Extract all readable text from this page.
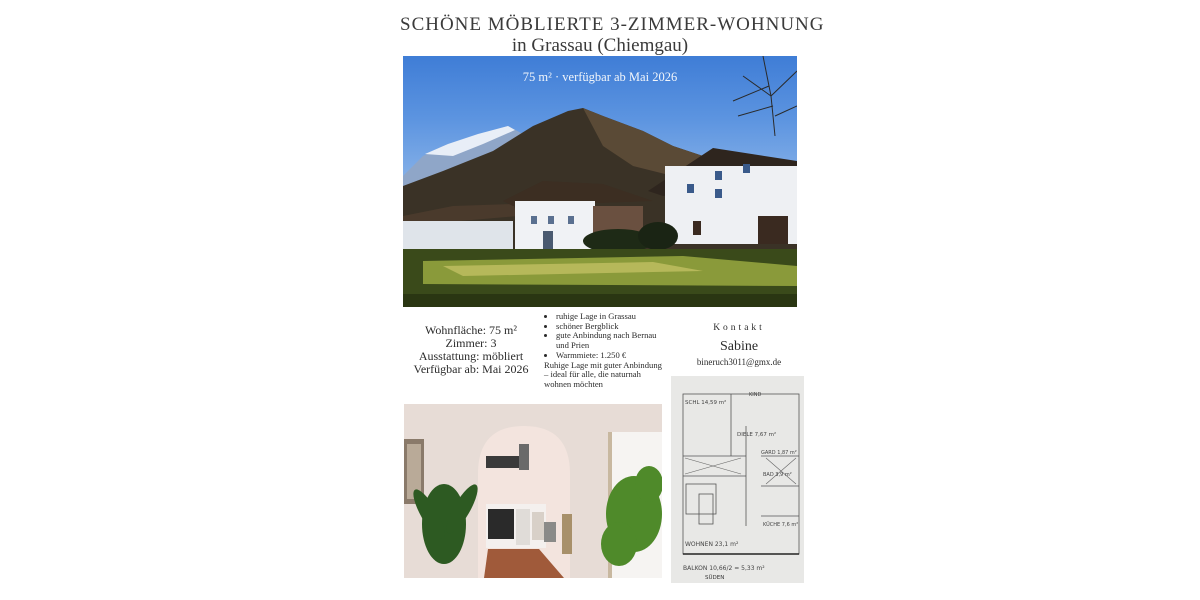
SCHÖNE MÖBLIERTE 3-ZIMMER-WOHNUNG
in Grassau (Chiemgau)
75 m² · verfügbar ab Mai 2026
Wohnfläche: 75 m²
Zimmer: 3
Ausstattung: möbliert
Verfügbar ab: Mai 2026
• ruhige Lage in Grassau
• schöner Bergblick
• gute Anbindung nach Bernau und Prien
• Warmmiete: 1.250 €

Ruhige Lage mit guter Anbindung – ideal für alle, die naturnah wohnen möchten

Kontakt
Sabine
bineruch3011@gmx.de
SCHL 14,59 m²
KIND
DIELE 7,67 m²
GARD 1,87 m²
BAD 3,9 m²
KÜCHE 7,6 m²
WOHNEN 23,1 m²
BALKON 10,66/2 = 5,33 m²
SÜDEN
